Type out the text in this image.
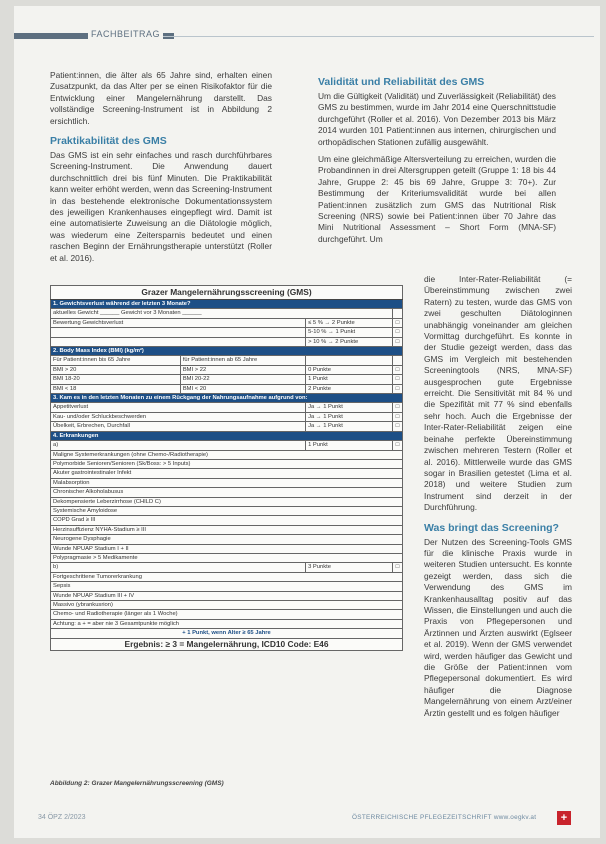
FACHBEITRAG

Patient:innen, die älter als 65 Jahre sind, erhalten einen Zusatzpunkt, da das Alter per se einen Risikofaktor für die Entwicklung einer Mangelernährung darstellt. Das vollständige Screening-Instrument ist in Abbildung 2 ersichtlich.

Praktikabilität des GMS

Das GMS ist ein sehr einfaches und rasch durchführbares Screening-Instrument. Die Anwendung dauert durchschnittlich drei bis fünf Minuten. Die Praktikabilität kann weiter erhöht werden, wenn das Screening-Instrument in das bestehende elektronische Dokumentationssystem des jeweiligen Krankenhauses eingepflegt wird. Damit ist eine automatisierte Zuweisung an die Diätologie möglich, was wiederum eine Zeitersparnis bedeutet und einen raschen Beginn der Ernährungstherapie unterstützt (Roller et al. 2016).

Validität und Reliabilität des GMS

Um die Gültigkeit (Validität) und Zuverlässigkeit (Reliabilität) des GMS zu bestimmen, wurde im Jahr 2014 eine Querschnittstudie durchgeführt (Roller et al. 2016). Von Dezember 2013 bis März 2014 wurden 101 Patient:innen aus internen, chirurgischen und orthopädischen Stationen zufällig ausgewählt.

Um eine gleichmäßige Altersverteilung zu erreichen, wurden die Probandinnen in drei Altersgruppen geteilt (Gruppe 1: 18 bis 44 Jahre, Gruppe 2: 45 bis 69 Jahre, Gruppe 3: 70+). Zur Bestimmung der Kriteriumsvalidität wurde bei allen Patient:innen zusätzlich zum GMS das Nutritional Risk Screening (NRS) sowie bei Patient:innen über 70 Jahre das Mini Nutritional Assessment – Short Form (MNA-SF) durchgeführt. Um

die Inter-Rater-Reliabilität (= Übereinstimmung zwischen zwei Ratern) zu testen, wurde das GMS von zwei geschulten Diätologinnen unabhängig voneinander am gleichen Vormittag durchgeführt. Es konnte in der Studie gezeigt werden, dass das GMS im Vergleich mit bestehenden Screeningtools (NRS, MNA-SF) ausgesprochen gute Ergebnisse erreicht. Die Sensitivität mit 84 % und die Spezifität mit 77 % sind ebenfalls sehr hoch. Auch die Ergebnisse der Inter-Rater-Reliabilität zeigen eine beinahe perfekte Übereinstimmung zwischen mehreren Testern (Roller et al. 2016). Mittlerweile wurde das GMS sogar in Brasilien getestet (Lima et al. 2018) und weitere Studien zum Instrument sind derzeit in der Durchführung.

Was bringt das Screening?

Der Nutzen des Screening-Tools GMS für die klinische Praxis wurde in weiteren Studien untersucht. Es konnte gezeigt werden, dass sich die Verwendung des GMS im Krankenhausalltag positiv auf das Wissen, die Einstellungen und auch die Praxis von Pflegepersonen und Ärztinnen und Ärzten auswirkt (Eglseer et al. 2019). Wenn der GMS verwendet wird, werden häufiger das Gewicht und die Größe der Patient:innen vom Pflegepersonal dokumentiert. Es wird häufiger die Diagnose Mangelernährung von einem Arzt/einer Ärztin gestellt und es folgen häufiger

Grazer Mangelernährungsscreening (GMS)			
1. Gewichtsverlust während der letzten 3 Monate?			
aktuelles Gewicht ______ Gewicht vor 3 Monaten ______			
Bewertung Gewichtsverlust		≤ 5 % → 2 Punkte	□
		5-10 % → 1 Punkt	□
		> 10 % → 2 Punkte	□
2. Body Mass Index (BMI) (kg/m²)			
Für Patient:innen bis 65 Jahre	für Patient:innen ab 65 Jahre		
BMI > 20	BMI > 22	0 Punkte	□
BMI 18-20	BMI 20-22	1 Punkt	□
BMI < 18	BMI < 20	2 Punkte	□
3. Kam es in den letzten Monaten zu einem Rückgang der Nahrungsaufnahme aufgrund von:			
Appetitverlust		Ja → 1 Punkt	□
Kau- und/oder Schluckbeschwerden		Ja → 1 Punkt	□
Übelkeit, Erbrechen, Durchfall		Ja → 1 Punkt	□
4. Erkrankungen			
a)		1 Punkt	□
Maligne Systemerkrankungen (ohne Chemo-/Radiotherapie)			
Polymorbide Senioren/Senioren (Sk/Boss: > 5 Inputs)			
Akuter gastrointestinaler Infekt			
Malabsorption			
Chronischer Alkoholabusus			
Dekompensierte Leberzirrhose (CHILD C)			
Systemische Amyloidose			
COPD Grad ≥ III			
Herzinsuffizienz NYHA-Stadium ≥ III			
Neurogene Dysphagie			
Wunde NPUAP Stadium I + II			
Polypragmasie > 5 Medikamente			
b)		3 Punkte	□
Fortgeschrittene Tumorerkrankung			
Sepsis			
Wunde NPUAP Stadium III + IV			
Massivo (ybrankusrion)			
Chemo- und Radiotherapie (länger als 1 Woche)			
Achtung: a + = aber nie 3 Gesamtpunkte möglich			
+ 1 Punkt, wenn Alter ≥ 65 Jahre			
Ergebnis: ≥ 3 = Mangelernährung, ICD10 Code: E46			
Abbildung 2: Grazer Mangelernährungsscreening (GMS)
34 ÖPZ 2/2023	ÖSTERREICHISCHE PFLEGEZEITSCHRIFT www.oegkv.at	+
